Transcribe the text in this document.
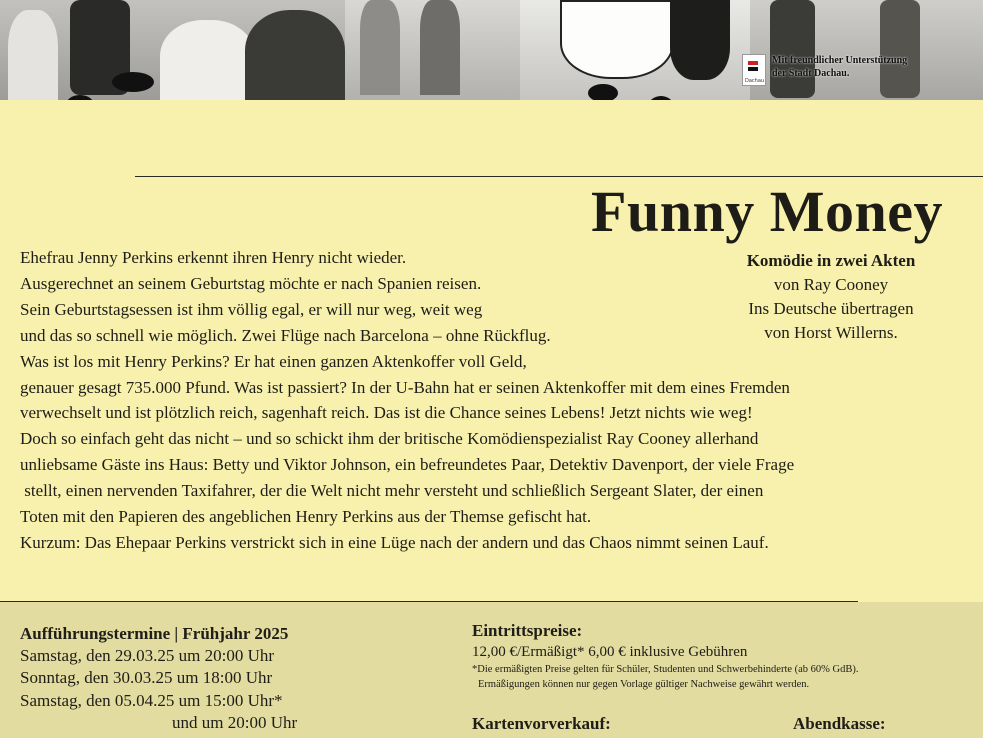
Dachau
Mit freundlicher Unterstützung
der Stadt Dachau.
Funny Money
Komödie in zwei Akten
von Ray Cooney
Ins Deutsche übertragen
von Horst Willerns.
Ehefrau Jenny Perkins erkennt ihren Henry nicht wieder.
Ausgerechnet an seinem Geburtstag möchte er nach Spanien reisen.
Sein Geburtstagsessen ist ihm völlig egal, er will nur weg, weit weg
und das so schnell wie möglich. Zwei Flüge nach Barcelona – ohne Rückflug.
Was ist los mit Henry Perkins? Er hat einen ganzen Aktenkoffer voll Geld,
genauer gesagt 735.000 Pfund. Was ist passiert? In der U-Bahn hat er seinen Aktenkoffer mit dem eines Fremden
verwechselt und ist plötzlich reich, sagenhaft reich. Das ist die Chance seines Lebens! Jetzt nichts wie weg!
Doch so einfach geht das nicht – und so schickt ihm der britische Komödienspezialist Ray Cooney allerhand
unliebsame Gäste ins Haus: Betty und Viktor Johnson, ein befreundetes Paar, Detektiv Davenport, der viele Frage
stellt, einen nervenden Taxifahrer, der die Welt nicht mehr versteht und schließlich Sergeant Slater, der einen
Toten mit den Papieren des angeblichen Henry Perkins aus der Themse gefischt hat.
Kurzum: Das Ehepaar Perkins verstrickt sich in eine Lüge nach der andern und das Chaos nimmt seinen Lauf.
Aufführungstermine | Frühjahr 2025
Samstag, den 29.03.25 um 20:00 Uhr
Sonntag, den 30.03.25 um 18:00 Uhr
Samstag, den 05.04.25 um 15:00 Uhr*
und um 20:00 Uhr
Eintrittspreise:
12,00 €/Ermäßigt* 6,00 € inklusive Gebühren
*Die ermäßigten Preise gelten für Schüler, Studenten und Schwerbehinderte (ab 60% GdB).
Ermäßigungen können nur gegen Vorlage gültiger Nachweise gewährt werden.
Kartenvorverkauf:	Abendkasse:
